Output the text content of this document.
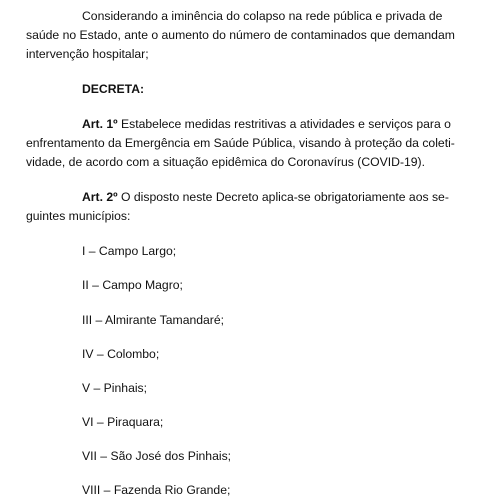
Considerando a iminência do colapso na rede pública e privada de
saúde no Estado, ante o aumento do número de contaminados que demandam
intervenção hospitalar;
DECRETA:
Art. 1º Estabelece medidas restritivas a atividades e serviços para o
enfrentamento da Emergência em Saúde Pública, visando à proteção da coleti-
vidade, de acordo com a situação epidêmica do Coronavírus (COVID-19).
Art. 2º O disposto neste Decreto aplica-se obrigatoriamente aos se-
guintes municípios:
I – Campo Largo;
II – Campo Magro;
III – Almirante Tamandaré;
IV – Colombo;
V – Pinhais;
VI – Piraquara;
VII – São José dos Pinhais;
VIII – Fazenda Rio Grande;
